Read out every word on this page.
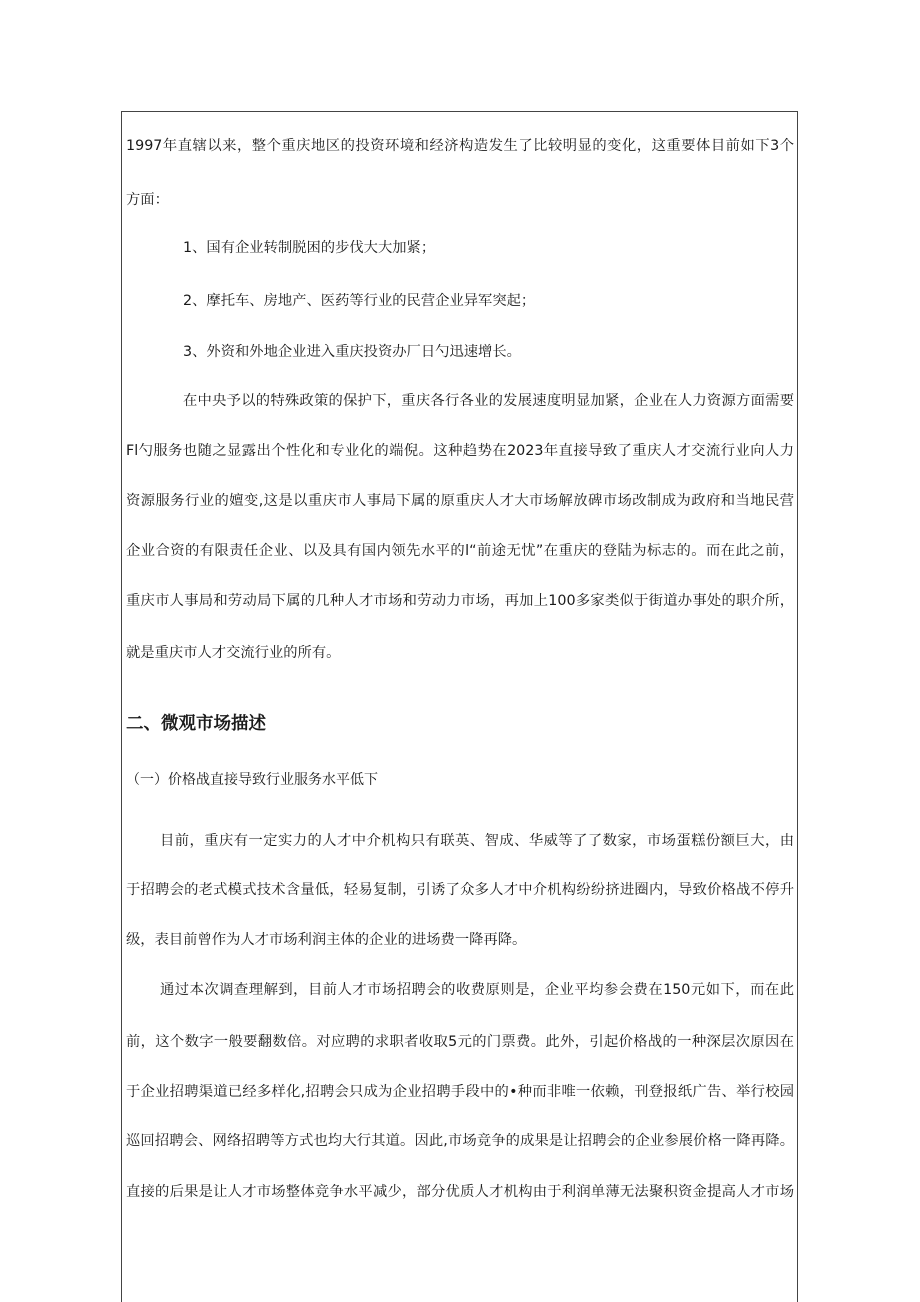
1997年直辖以来，整个重庆地区的投资环境和经济构造发生了比较明显的变化，这重要体目前如下3个
方面：
1、国有企业转制脱困的步伐大大加紧；
2、摩托车、房地产、医药等行业的民营企业异军突起；
3、外资和外地企业进入重庆投资办厂日勺迅速增长。
在中央予以的特殊政策的保护下，重庆各行各业的发展速度明显加紧，企业在人力资源方面需要
Fl勺服务也随之显露出个性化和专业化的端倪。这种趋势在2023年直接导致了重庆人才交流行业向人力
资源服务行业的嬗变,这是以重庆市人事局下属的原重庆人才大市场解放碑市场改制成为政府和当地民营
企业合资的有限责任企业、以及具有国内领先水平的l“前途无忧”在重庆的登陆为标志的。而在此之前，
重庆市人事局和劳动局下属的几种人才市场和劳动力市场，再加上100多家类似于街道办事处的职介所，
就是重庆市人才交流行业的所有。
二、微观市场描述
（一）价格战直接导致行业服务水平低下
目前，重庆有一定实力的人才中介机构只有联英、智成、华威等了了数家，市场蛋糕份额巨大，由
于招聘会的老式模式技术含量低，轻易复制，引诱了众多人才中介机构纷纷挤进圈内，导致价格战不停升
级，表目前曾作为人才市场利润主体的企业的进场费一降再降。
通过本次调查理解到，目前人才市场招聘会的收费原则是，企业平均参会费在150元如下，而在此
前，这个数字一般要翻数倍。对应聘的求职者收取5元的门票费。此外，引起价格战的一种深层次原因在
于企业招聘渠道已经多样化,招聘会只成为企业招聘手段中的•种而非唯一依赖，刊登报纸广告、举行校园
巡回招聘会、网络招聘等方式也均大行其道。因此,市场竞争的成果是让招聘会的企业参展价格一降再降。
直接的后果是让人才市场整体竞争水平减少，部分优质人才机构由于利润单薄无法聚积资金提高人才市场
